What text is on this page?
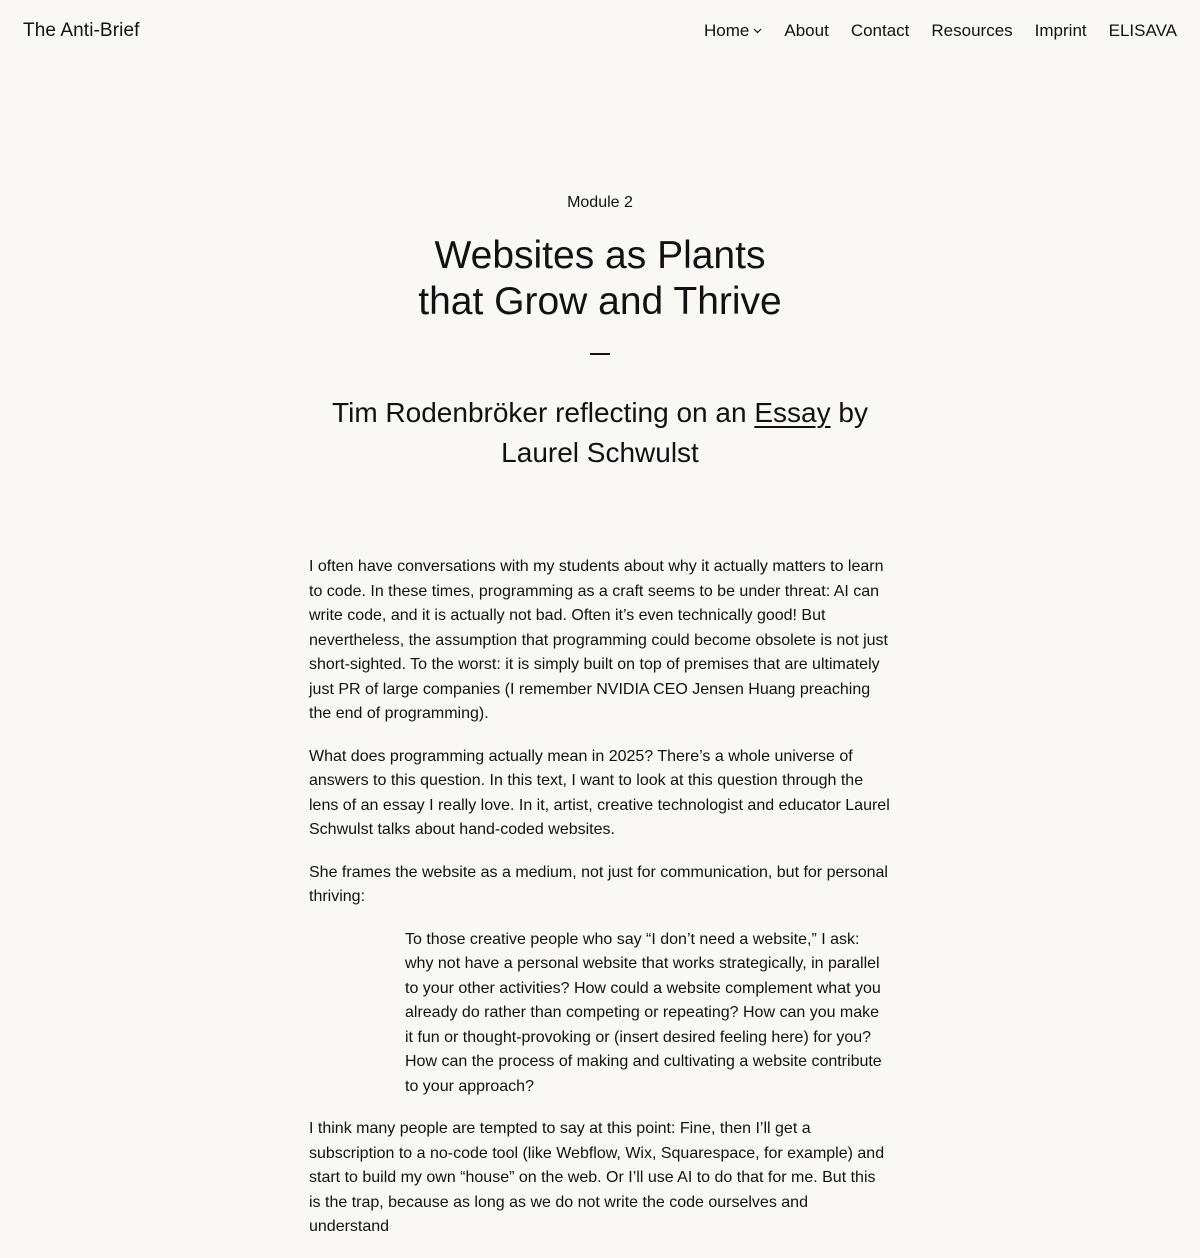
The Anti-Brief	Home About Contact Resources Imprint ELISAVA

Module 2

Websites as Plants
that Grow and Thrive
Tim Rodenbröker reflecting on an Essay by Laurel Schwulst

I often have conversations with my students about why it actually matters to learn to code. In these times, programming as a craft seems to be under threat: AI can write code, and it is actually not bad. Often it’s even technically good! But nevertheless, the assumption that programming could become obsolete is not just short-sighted. To the worst: it is simply built on top of premises that are ultimately just PR of large companies (I remember NVIDIA CEO Jensen Huang preaching the end of programming).

What does programming actually mean in 2025? There’s a whole universe of answers to this question. In this text, I want to look at this question through the lens of an essay I really love. In it, artist, creative technologist and educator Laurel Schwulst talks about hand-coded websites.

She frames the website as a medium, not just for communication, but for personal thriving:

To those creative people who say “I don’t need a website,” I ask: why not have a personal website that works strategically, in parallel to your other activities? How could a website complement what you already do rather than competing or repeating? How can you make it fun or thought-provoking or (insert desired feeling here) for you? How can the process of making and cultivating a website contribute to your approach?

I think many people are tempted to say at this point: Fine, then I’ll get a subscription to a no-code tool (like Webflow, Wix, Squarespace, for example) and start to build my own “house” on the web. Or I’ll use AI to do that for me. But this is the trap, because as long as we do not write the code ourselves and understand
